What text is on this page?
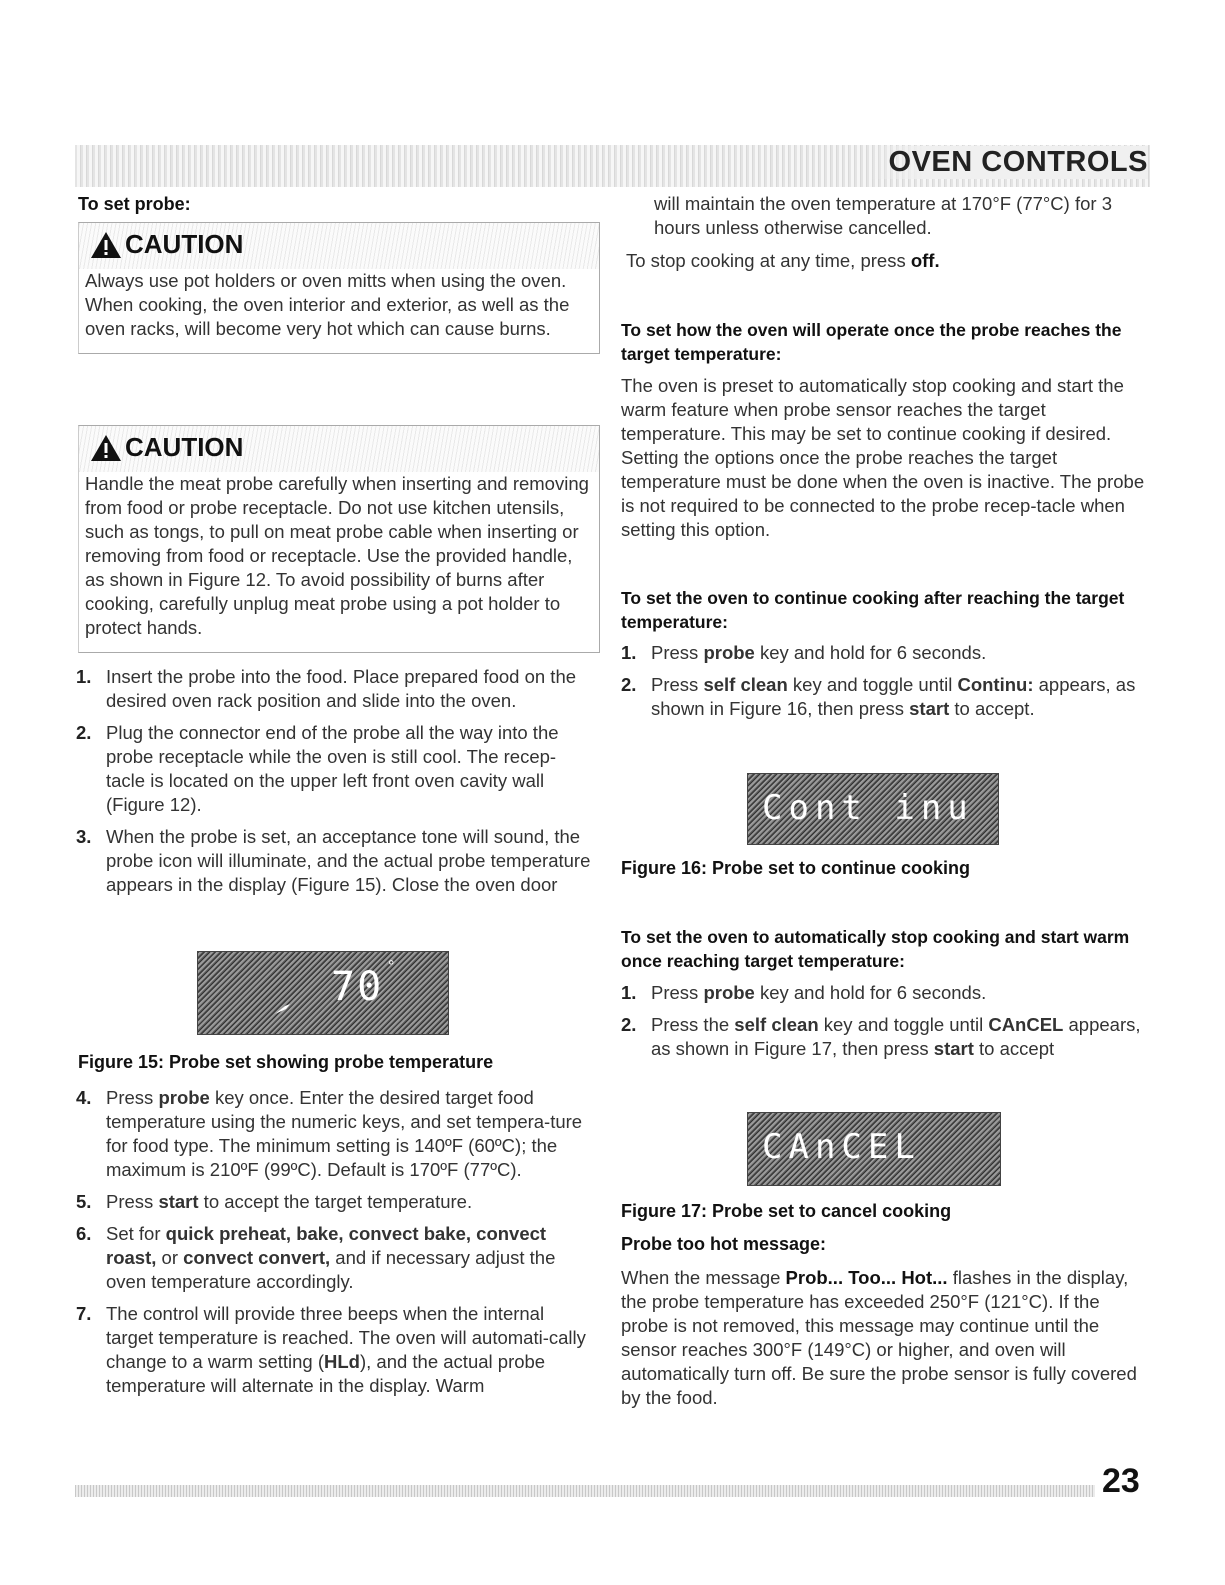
OVEN CONTROLS
To set probe:
CAUTION
Always use pot holders or oven mitts when using the oven. When cooking, the oven interior and exterior, as well as the oven racks, will become very hot which can cause burns.
CAUTION
Handle the meat probe carefully when inserting and removing from food or probe receptacle. Do not use kitchen utensils, such as tongs, to pull on meat probe cable when inserting or removing from food or receptacle. Use the provided handle, as shown in Figure 12. To avoid possibility of burns after cooking, carefully unplug meat probe using a pot holder to protect hands.
1. Insert the probe into the food. Place prepared food on the desired oven rack position and slide into the oven.
2. Plug the connector end of the probe all the way into the probe receptacle while the oven is still cool. The recep-tacle is located on the upper left front oven cavity wall (Figure 12).
3. When the probe is set, an acceptance tone will sound, the probe icon will illuminate, and the actual probe temperature appears in the display (Figure 15). Close the oven door
70 °
Figure 15: Probe set showing probe temperature
4. Press probe key once. Enter the desired target food temperature using the numeric keys, and set tempera-ture for food type. The minimum setting is 140ºF (60ºC); the maximum is 210ºF (99ºC). Default is 170ºF (77ºC).
5. Press start to accept the target temperature.
6. Set for quick preheat, bake, convect bake, convect roast, or convect convert, and if necessary adjust the oven temperature accordingly.
7. The control will provide three beeps when the internal target temperature is reached. The oven will automati-cally change to a warm setting (HLd), and the actual probe temperature will alternate in the display. Warm
will maintain the oven temperature at 170°F (77°C) for 3 hours unless otherwise cancelled.
To stop cooking at any time, press off.
To set how the oven will operate once the probe reaches the target temperature:
The oven is preset to automatically stop cooking and start the warm feature when probe sensor reaches the target temperature. This may be set to continue cooking if desired. Setting the options once the probe reaches the target temperature must be done when the oven is inactive. The probe is not required to be connected to the probe recep-tacle when setting this option.
To set the oven to continue cooking after reaching the target temperature:
1. Press probe key and hold for 6 seconds.
2. Press self clean key and toggle until Continu: appears, as shown in Figure 16, then press start to accept.
Cont inu
Figure 16: Probe set to continue cooking
To set the oven to automatically stop cooking and start warm once reaching target temperature:
1. Press probe key and hold for 6 seconds.
2. Press the self clean key and toggle until CAnCEL appears, as shown in Figure 17, then press start to accept
CAnCEL
Figure 17: Probe set to cancel cooking
Probe too hot message:
When the message Prob... Too... Hot... flashes in the display, the probe temperature has exceeded 250°F (121°C). If the probe is not removed, this message may continue until the sensor reaches 300°F (149°C) or higher, and oven will automatically turn off. Be sure the probe sensor is fully covered by the food.
23
